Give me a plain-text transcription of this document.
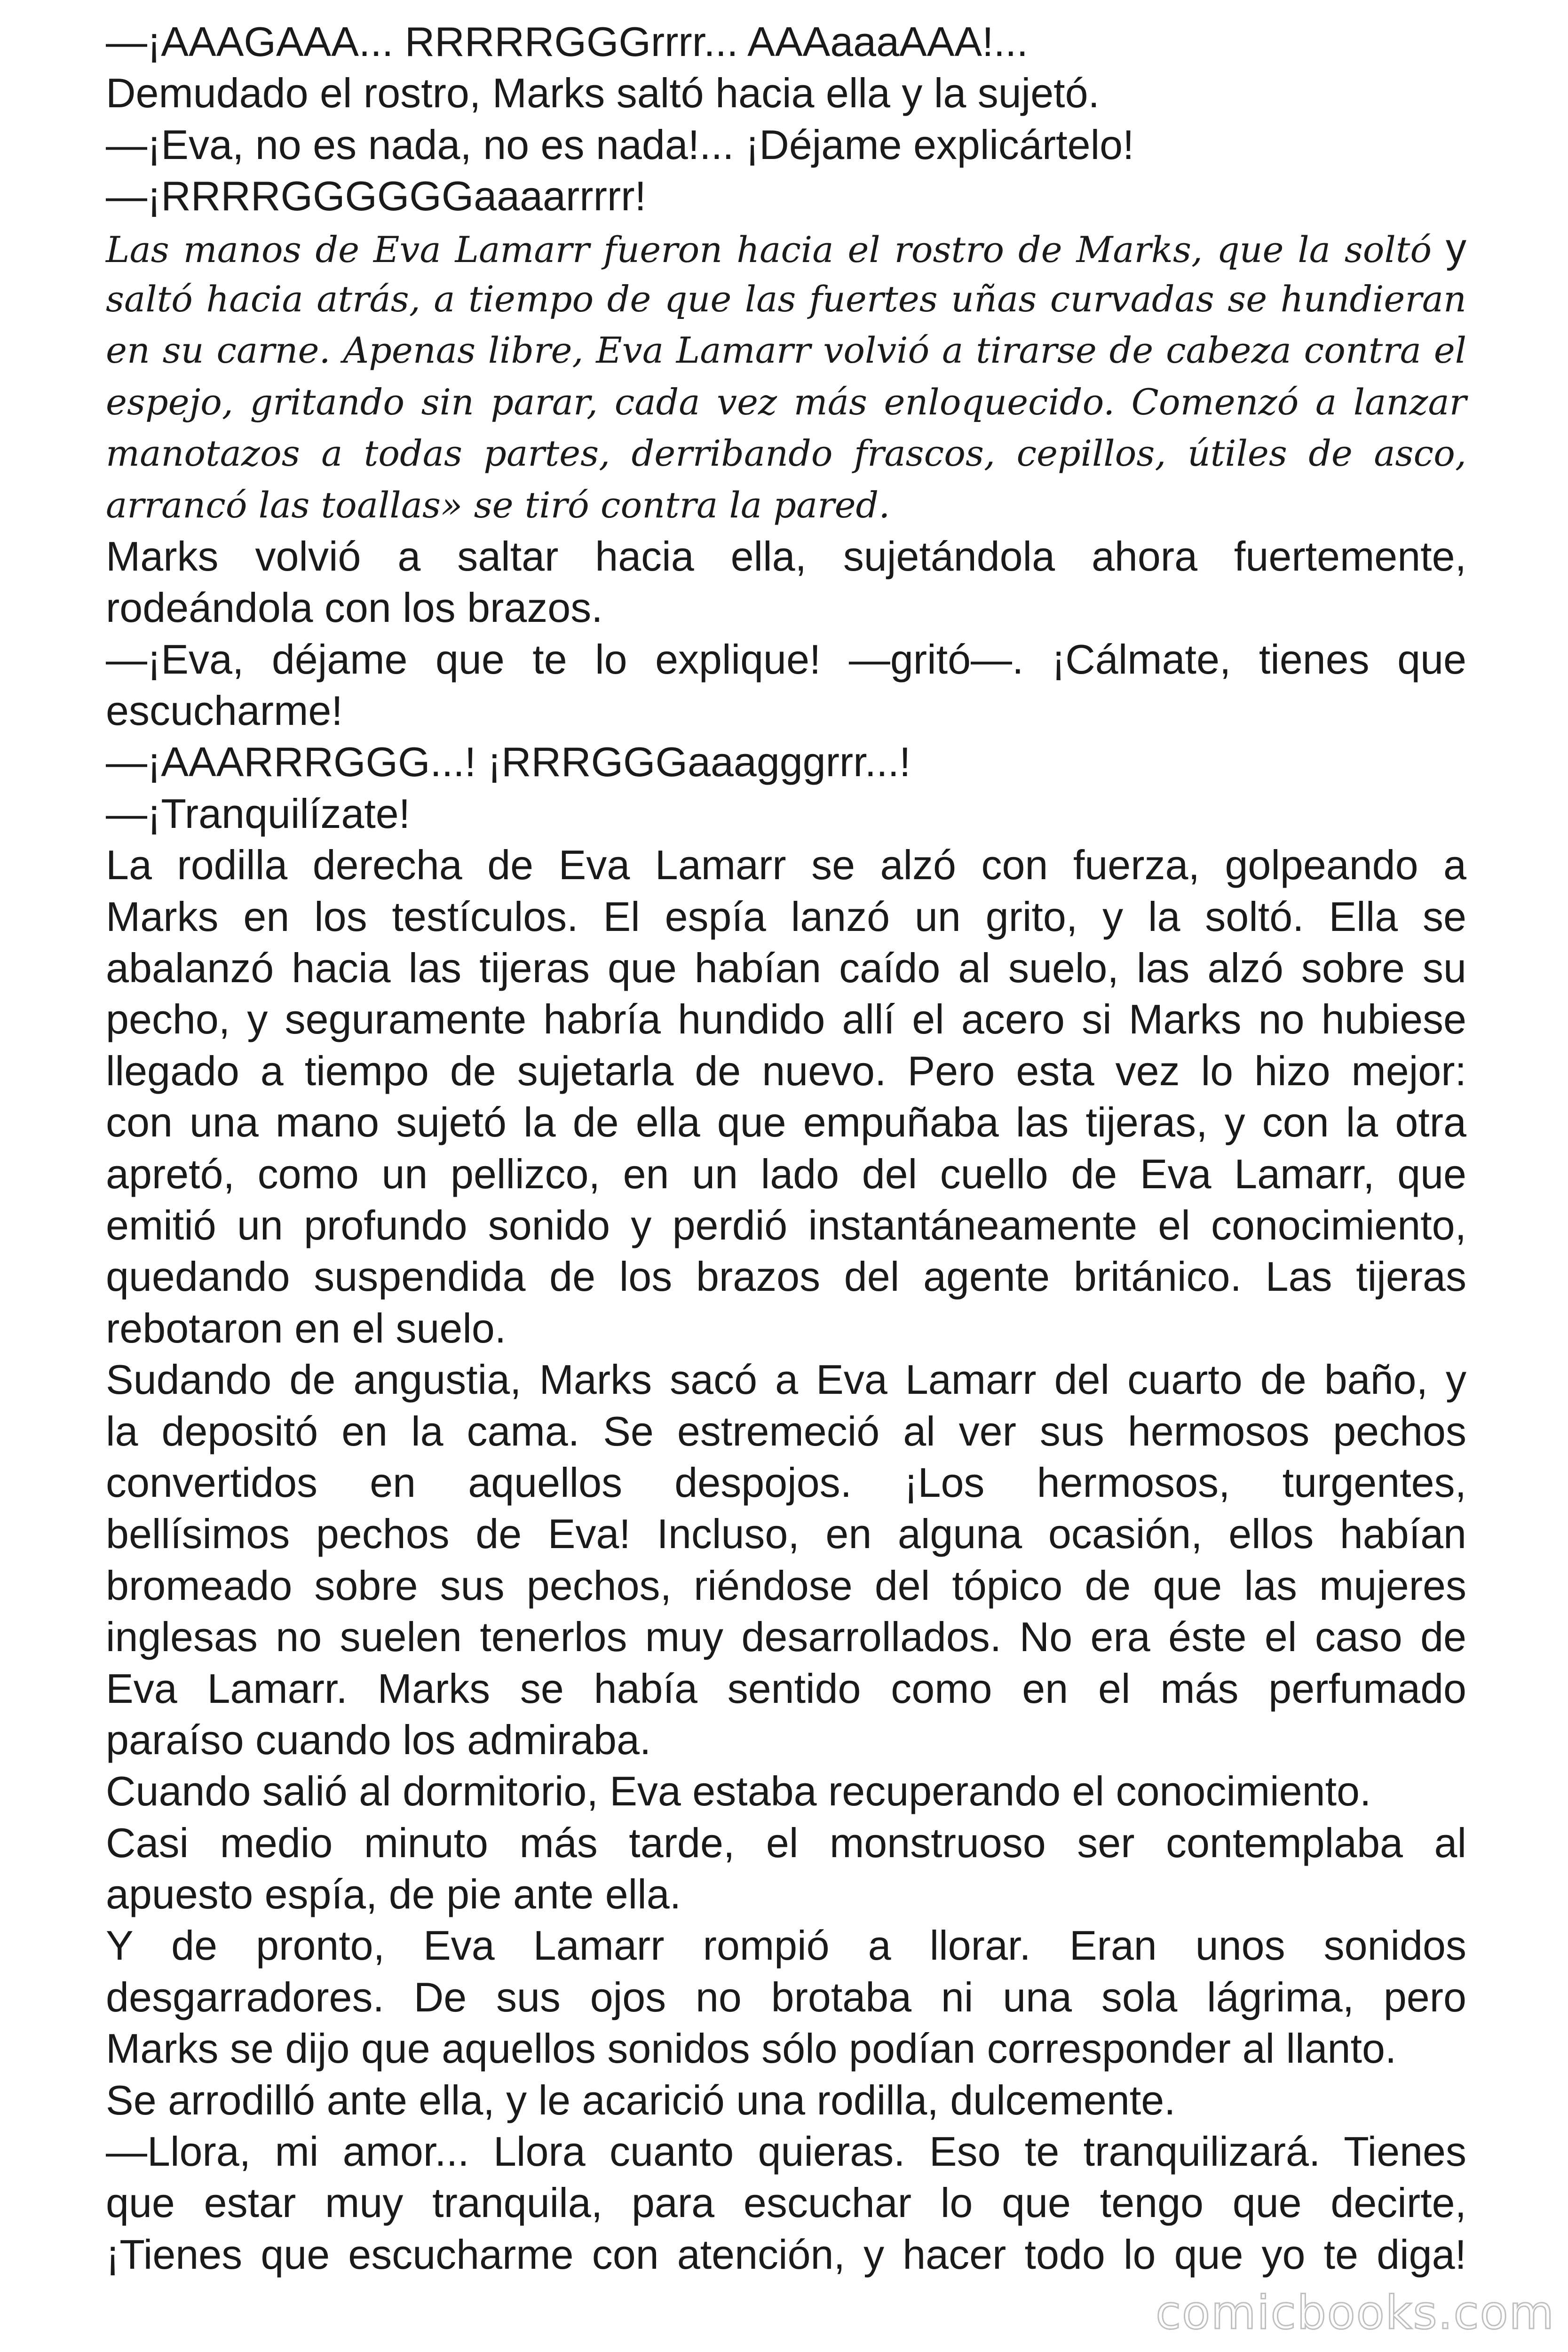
—¡AAAGAAA... RRRRRGGGrrrr... AAAaaaAAA!...
Demudado el rostro, Marks saltó hacia ella y la sujetó.
—¡Eva, no es nada, no es nada!... ¡Déjame explicártelo!
—¡RRRRGGGGGGaaaarrrrr!
Las manos de Eva Lamarr fueron hacia el rostro de Marks, que la soltó y
saltó hacia atrás, a tiempo de que las fuertes uñas curvadas se hundieran
en su carne. Apenas libre, Eva Lamarr volvió a tirarse de cabeza contra el
espejo, gritando sin parar, cada vez más enloquecido. Comenzó a lanzar
manotazos a todas partes, derribando frascos, cepillos, útiles de asco,
arrancó las toallas» se tiró contra la pared.
Marks volvió a saltar hacia ella, sujetándola ahora fuertemente,
rodeándola con los brazos.
—¡Eva, déjame que te lo explique! —gritó—. ¡Cálmate, tienes que
escucharme!
—¡AAARRRGGG...! ¡RRRGGGaaagggrrr...!
—¡Tranquilízate!
La rodilla derecha de Eva Lamarr se alzó con fuerza, golpeando a
Marks en los testículos. El espía lanzó un grito, y la soltó. Ella se
abalanzó hacia las tijeras que habían caído al suelo, las alzó sobre su
pecho, y seguramente habría hundido allí el acero si Marks no hubiese
llegado a tiempo de sujetarla de nuevo. Pero esta vez lo hizo mejor:
con una mano sujetó la de ella que empuñaba las tijeras, y con la otra
apretó, como un pellizco, en un lado del cuello de Eva Lamarr, que
emitió un profundo sonido y perdió instantáneamente el conocimiento,
quedando suspendida de los brazos del agente británico. Las tijeras
rebotaron en el suelo.
Sudando de angustia, Marks sacó a Eva Lamarr del cuarto de baño, y
la depositó en la cama. Se estremeció al ver sus hermosos pechos
convertidos en aquellos despojos. ¡Los hermosos, turgentes,
bellísimos pechos de Eva! Incluso, en alguna ocasión, ellos habían
bromeado sobre sus pechos, riéndose del tópico de que las mujeres
inglesas no suelen tenerlos muy desarrollados. No era éste el caso de
Eva Lamarr. Marks se había sentido como en el más perfumado
paraíso cuando los admiraba.
Cuando salió al dormitorio, Eva estaba recuperando el conocimiento.
Casi medio minuto más tarde, el monstruoso ser contemplaba al
apuesto espía, de pie ante ella.
Y de pronto, Eva Lamarr rompió a llorar. Eran unos sonidos
desgarradores. De sus ojos no brotaba ni una sola lágrima, pero
Marks se dijo que aquellos sonidos sólo podían corresponder al llanto.
Se arrodilló ante ella, y le acarició una rodilla, dulcemente.
—Llora, mi amor... Llora cuanto quieras. Eso te tranquilizará. Tienes
que estar muy tranquila, para escuchar lo que tengo que decirte,
¡Tienes que escucharme con atención, y hacer todo lo que yo te diga!
comicbooks.com
